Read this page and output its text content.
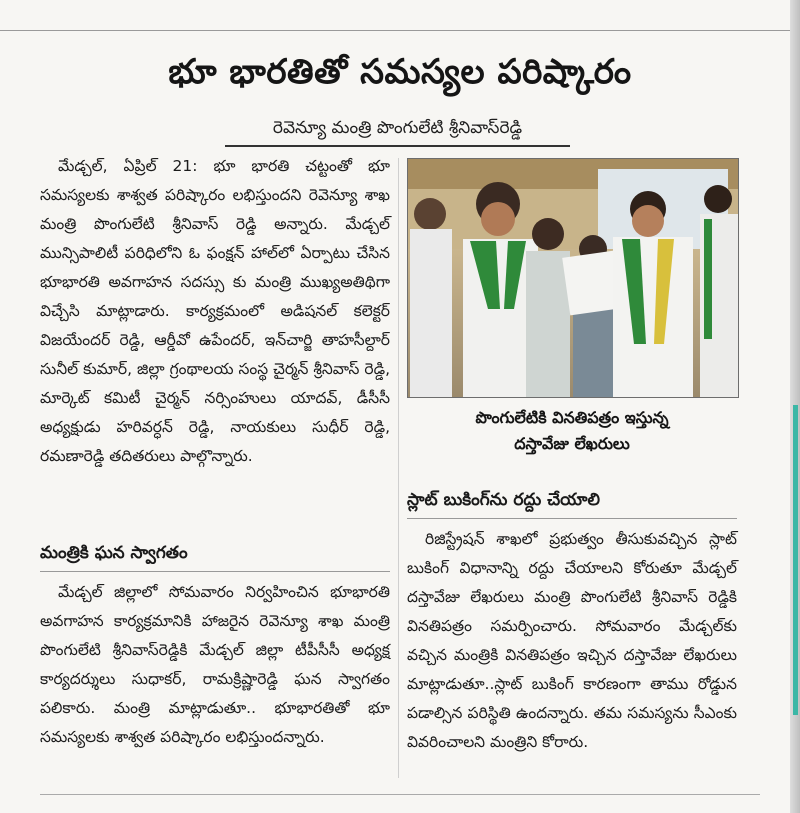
భూ భారతితో సమస్యల పరిష్కారం
రెవెన్యూ మంత్రి పొంగులేటి శ్రీనివాస్‌రెడ్డి

మేడ్చల్, ఏప్రిల్ 21: భూ భారతి చట్టంతో భూ సమస్యలకు శాశ్వత పరిష్కారం లభిస్తుందని రెవెన్యూ శాఖ మంత్రి పొంగులేటి శ్రీనివాస్ రెడ్డి అన్నారు. మేడ్చల్ మున్సిపాలిటీ పరిధిలోని ఓ ఫంక్షన్ హాల్‌లో ఏర్పాటు చేసిన భూభారతి అవగాహన సదస్సు కు మంత్రి ముఖ్యఅతిథిగా విచ్చేసి మాట్లాడారు. కార్యక్రమంలో అడిషనల్ కలెక్టర్ విజయేందర్ రెడ్డి, ఆర్డీవో ఉపేందర్, ఇన్‌చార్జి తాహసీల్దార్ సునీల్ కుమార్, జిల్లా గ్రంథాలయ సంస్థ చైర్మన్ శ్రీనివాస్ రెడ్డి, మార్కెట్ కమిటీ చైర్మన్ నర్సింహులు యాదవ్, డీసీసీ అధ్యక్షుడు హరివర్ధన్ రెడ్డి, నాయకులు సుధీర్ రెడ్డి, రమణారెడ్డి తదితరులు పాల్గొన్నారు.

మంత్రికి ఘన స్వాగతం

మేడ్చల్ జిల్లాలో సోమవారం నిర్వహించిన భూభారతి అవగాహన కార్యక్రమానికి హాజరైన రెవెన్యూ శాఖ మంత్రి పొంగులేటి శ్రీనివాస్‌రెడ్డికి మేడ్చల్ జిల్లా టీపీసీసీ అధ్యక్ష కార్యదర్శులు సుధాకర్, రామక్రిష్ణారెడ్డి ఘన స్వాగతం పలికారు. మంత్రి మాట్లాడుతూ.. భూభారతితో భూ సమస్యలకు శాశ్వత పరిష్కారం లభిస్తుందన్నారు.

పొంగులేటికి వినతిపత్రం ఇస్తున్న
దస్తావేజు లేఖరులు
స్లాట్ బుకింగ్‌ను రద్దు చేయాలి

రిజిస్ట్రేషన్ శాఖలో ప్రభుత్వం తీసుకువచ్చిన స్లాట్ బుకింగ్ విధానాన్ని రద్దు చేయాలని కోరుతూ మేడ్చల్ దస్తావేజు లేఖరులు మంత్రి పొంగులేటి శ్రీనివాస్ రెడ్డికి వినతిపత్రం సమర్పించారు. సోమవారం మేడ్చల్‌కు వచ్చిన మంత్రికి వినతిపత్రం ఇచ్చిన దస్తావేజు లేఖరులు మాట్లాడుతూ..స్లాట్ బుకింగ్ కారణంగా తాము రోడ్డున పడాల్సిన పరిస్థితి ఉందన్నారు. తమ సమస్యను సీఎంకు వివరించాలని మంత్రిని కోరారు.
